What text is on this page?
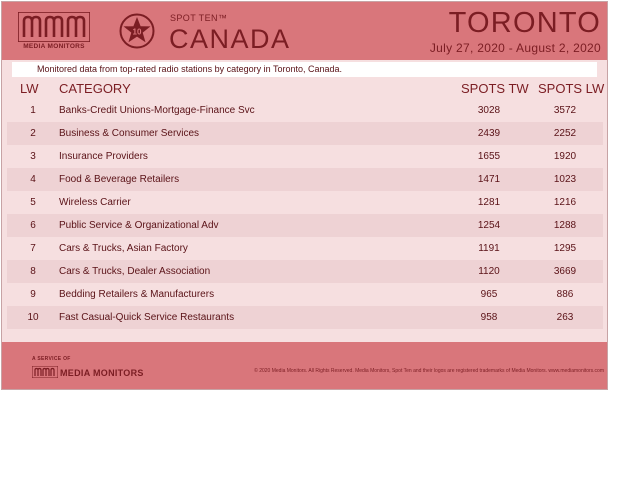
MEDIA MONITORS
10
SPOT TEN™
CANADA	TORONTO
July 27, 2020 - August 2, 2020
Monitored data from top-rated radio stations by category in Toronto, Canada.
LW CATEGORY	SPOTS TW SPOTS LW
1	Banks-Credit Unions-Mortgage-Finance Svc	3028	3572
2	Business & Consumer Services	2439	2252
3	Insurance Providers	1655	1920
4	Food & Beverage Retailers	1471	1023
5	Wireless Carrier	1281	1216
6	Public Service & Organizational Adv	1254	1288
7	Cars & Trucks, Asian Factory	1191	1295
8	Cars & Trucks, Dealer Association	1120	3669
9	Bedding Retailers & Manufacturers	965	886
10	Fast Casual-Quick Service Restaurants	958	263
A SERVICE OF
MEDIA MONITORS	© 2020 Media Monitors. All Rights Reserved. Media Monitors, Spot Ten and their logos are registered trademarks of Media Monitors. www.mediamonitors.com
